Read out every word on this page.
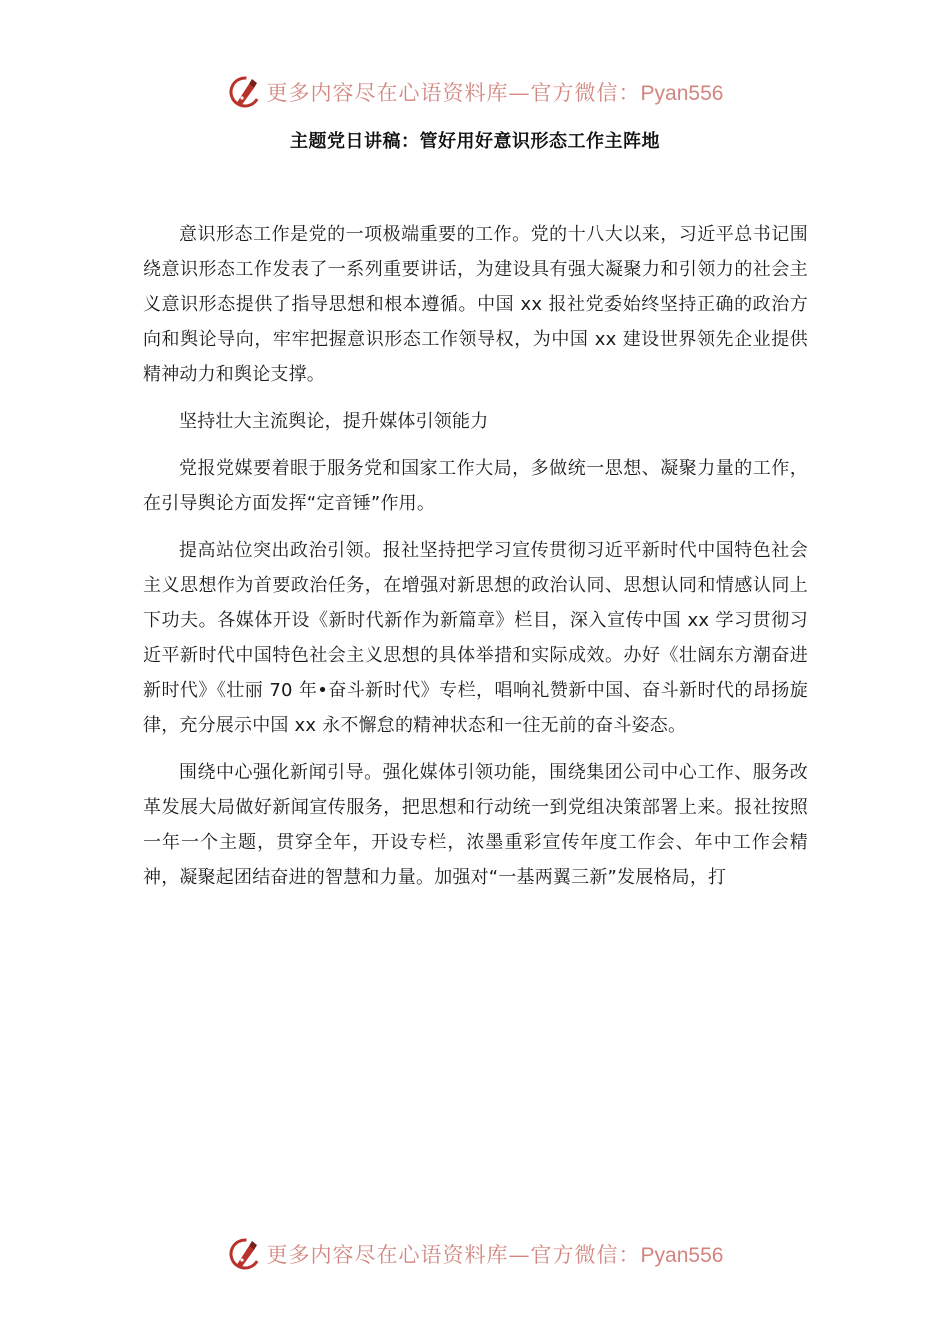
更多内容尽在心语资料库—官方微信：Pyan556
主题党日讲稿：管好用好意识形态工作主阵地

意识形态工作是党的一项极端重要的工作。党的十八大以来，习近平总书记围绕意识形态工作发表了一系列重要讲话，为建设具有强大凝聚力和引领力的社会主义意识形态提供了指导思想和根本遵循。中国 xx 报社党委始终坚持正确的政治方向和舆论导向，牢牢把握意识形态工作领导权，为中国 xx 建设世界领先企业提供精神动力和舆论支撑。

坚持壮大主流舆论，提升媒体引领能力

党报党媒要着眼于服务党和国家工作大局，多做统一思想、凝聚力量的工作，在引导舆论方面发挥“定音锤”作用。

提高站位突出政治引领。报社坚持把学习宣传贯彻习近平新时代中国特色社会主义思想作为首要政治任务，在增强对新思想的政治认同、思想认同和情感认同上下功夫。各媒体开设《新时代新作为新篇章》栏目，深入宣传中国 xx 学习贯彻习近平新时代中国特色社会主义思想的具体举措和实际成效。办好《壮阔东方潮奋进新时代》《壮丽 70 年•奋斗新时代》专栏，唱响礼赞新中国、奋斗新时代的昂扬旋律，充分展示中国 xx 永不懈怠的精神状态和一往无前的奋斗姿态。

围绕中心强化新闻引导。强化媒体引领功能，围绕集团公司中心工作、服务改革发展大局做好新闻宣传服务，把思想和行动统一到党组决策部署上来。报社按照一年一个主题，贯穿全年，开设专栏，浓墨重彩宣传年度工作会、年中工作会精神，凝聚起团结奋进的智慧和力量。加强对“一基两翼三新”发展格局，打

更多内容尽在心语资料库—官方微信：Pyan556
